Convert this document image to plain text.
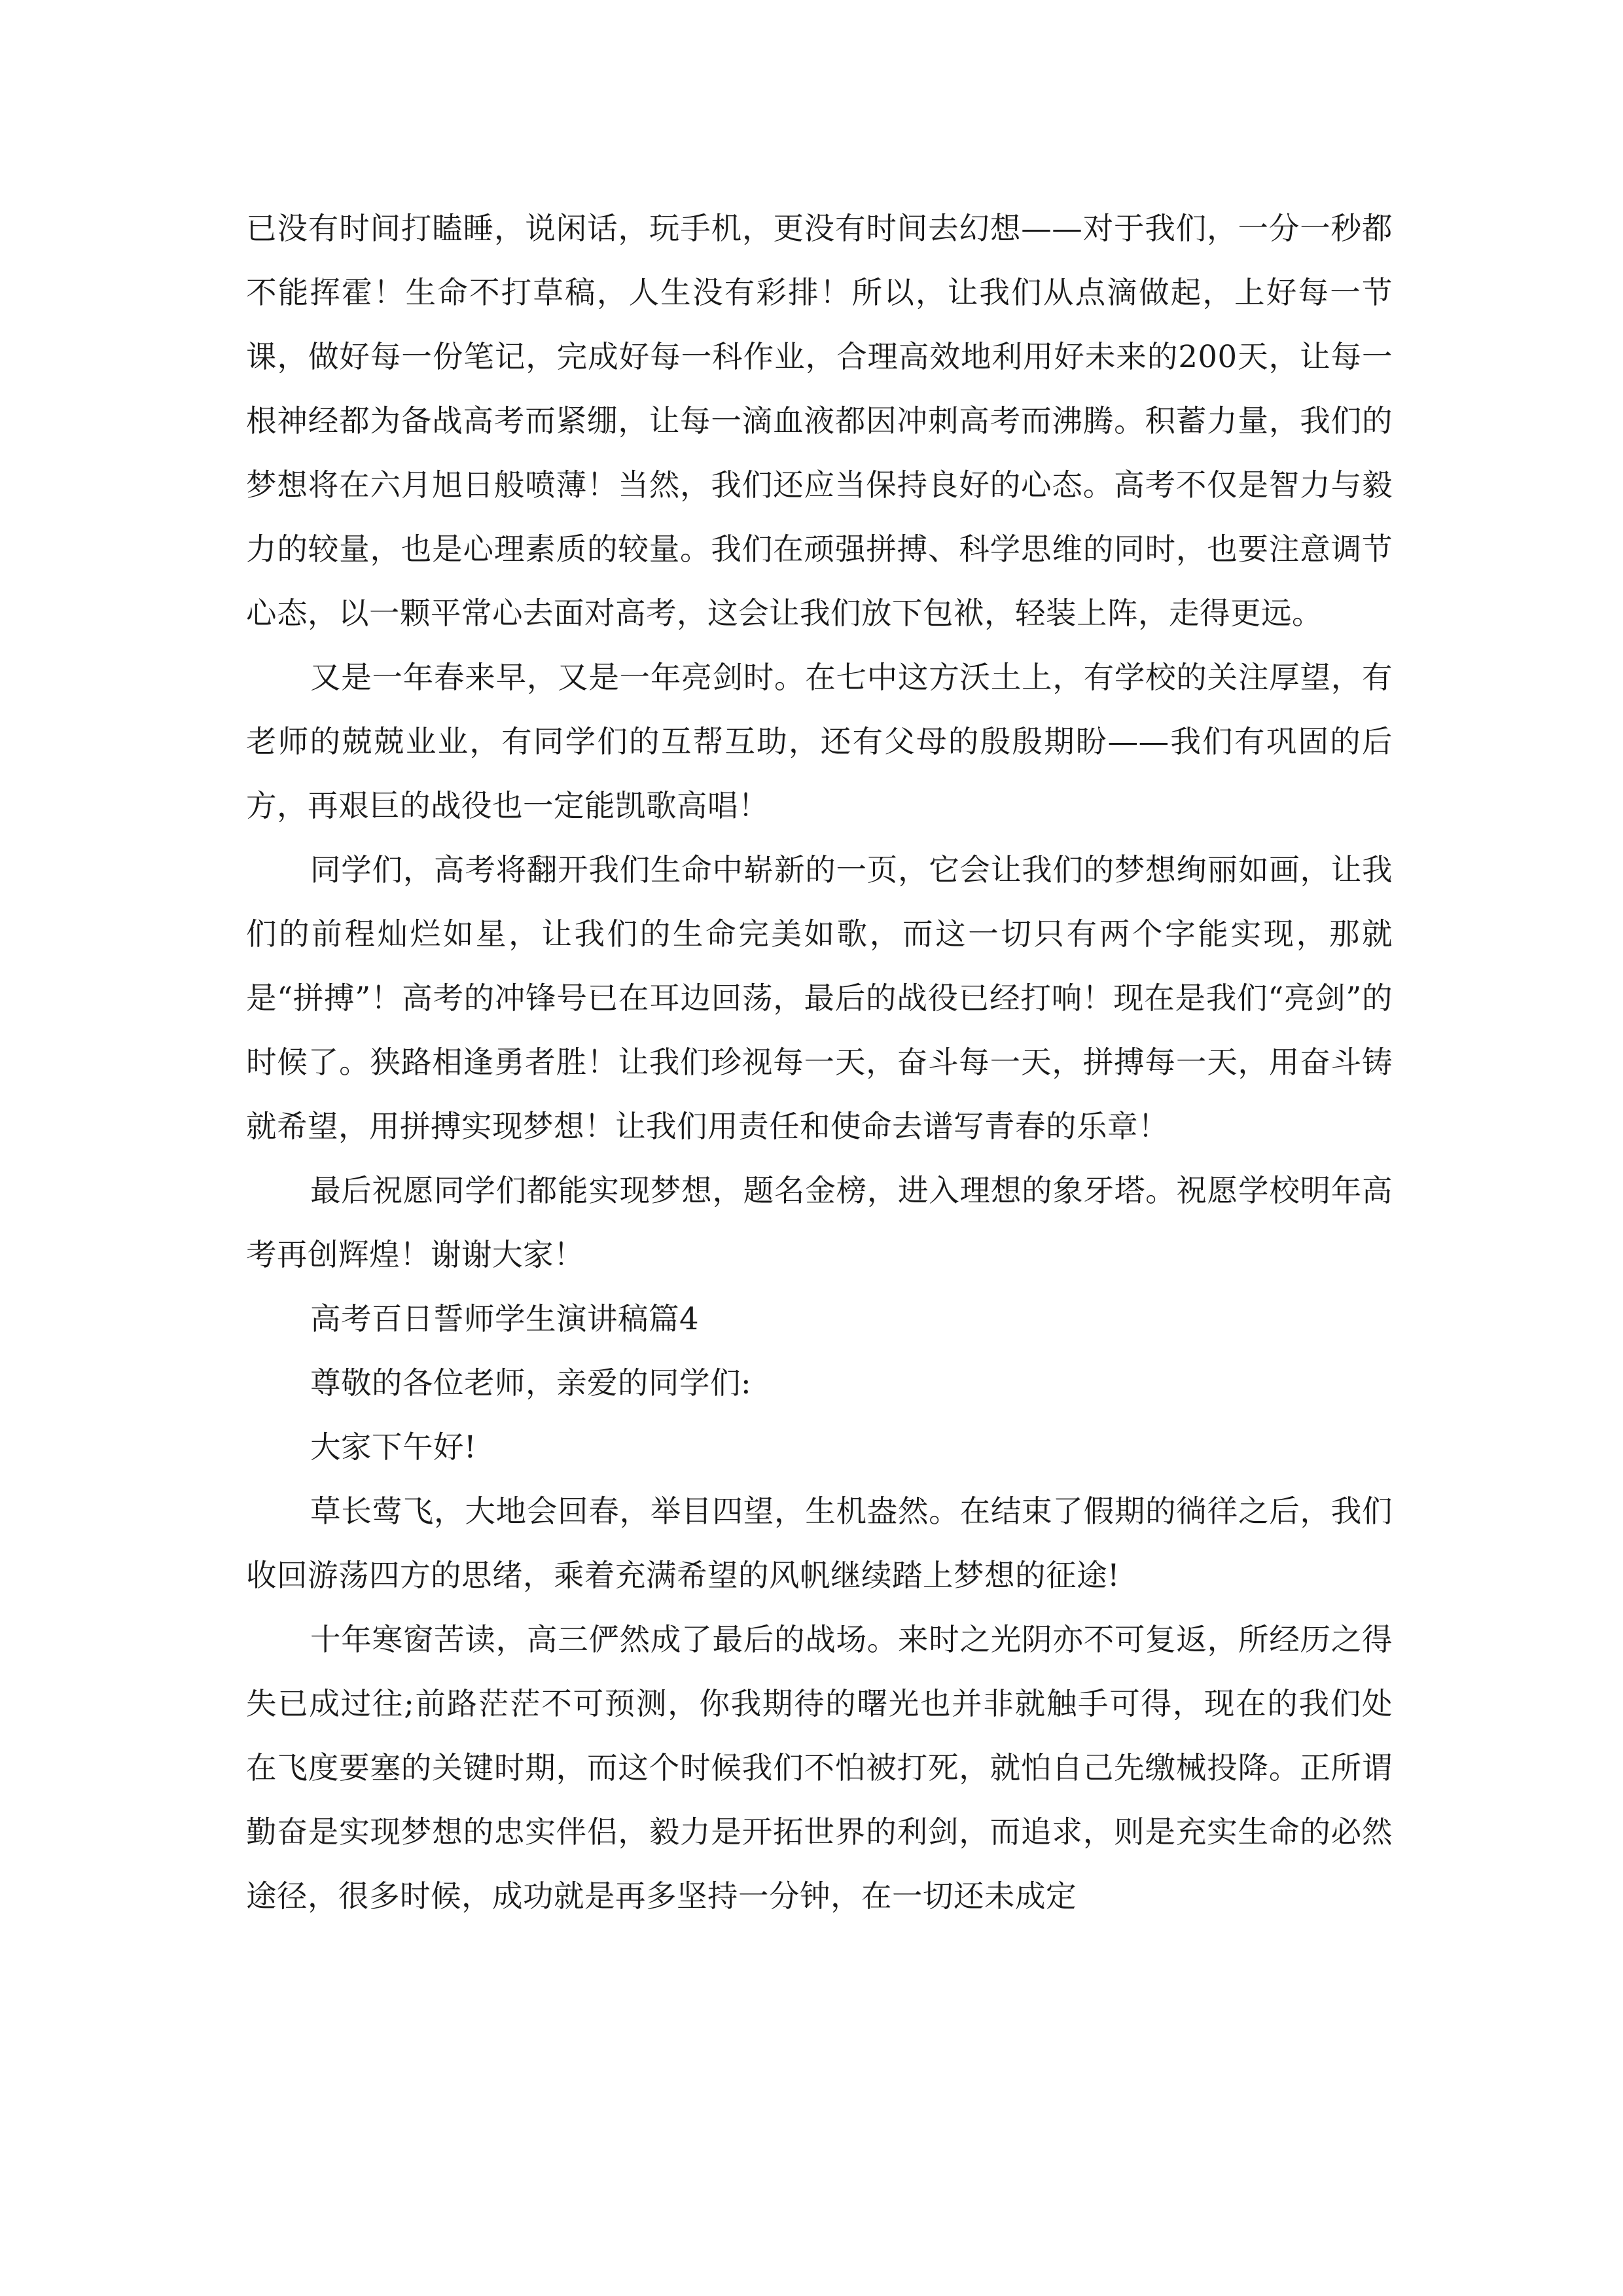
已没有时间打瞌睡，说闲话，玩手机，更没有时间去幻想——对于我们，一分一秒都不能挥霍！生命不打草稿，人生没有彩排！所以，让我们从点滴做起，上好每一节课，做好每一份笔记，完成好每一科作业，合理高效地利用好未来的200天，让每一根神经都为备战高考而紧绷，让每一滴血液都因冲刺高考而沸腾。积蓄力量，我们的梦想将在六月旭日般喷薄！当然，我们还应当保持良好的心态。高考不仅是智力与毅力的较量，也是心理素质的较量。我们在顽强拼搏、科学思维的同时，也要注意调节心态，以一颗平常心去面对高考，这会让我们放下包袱，轻装上阵，走得更远。

又是一年春来早，又是一年亮剑时。在七中这方沃土上，有学校的关注厚望，有老师的兢兢业业，有同学们的互帮互助，还有父母的殷殷期盼——我们有巩固的后方，再艰巨的战役也一定能凯歌高唱！

同学们，高考将翻开我们生命中崭新的一页，它会让我们的梦想绚丽如画，让我们的前程灿烂如星，让我们的生命完美如歌，而这一切只有两个字能实现，那就是“拼搏”！高考的冲锋号已在耳边回荡，最后的战役已经打响！现在是我们“亮剑”的时候了。狭路相逢勇者胜！让我们珍视每一天，奋斗每一天，拼搏每一天，用奋斗铸就希望，用拼搏实现梦想！让我们用责任和使命去谱写青春的乐章！

最后祝愿同学们都能实现梦想，题名金榜，进入理想的象牙塔。祝愿学校明年高考再创辉煌！谢谢大家！

高考百日誓师学生演讲稿篇4

尊敬的各位老师，亲爱的同学们:

大家下午好!

草长莺飞，大地会回春，举目四望，生机盎然。在结束了假期的徜徉之后，我们收回游荡四方的思绪，乘着充满希望的风帆继续踏上梦想的征途!

十年寒窗苦读，高三俨然成了最后的战场。来时之光阴亦不可复返，所经历之得失已成过往;前路茫茫不可预测，你我期待的曙光也并非就触手可得，现在的我们处在飞度要塞的关键时期，而这个时候我们不怕被打死，就怕自己先缴械投降。正所谓勤奋是实现梦想的忠实伴侣，毅力是开拓世界的利剑，而追求，则是充实生命的必然途径，很多时候，成功就是再多坚持一分钟，在一切还未成定
